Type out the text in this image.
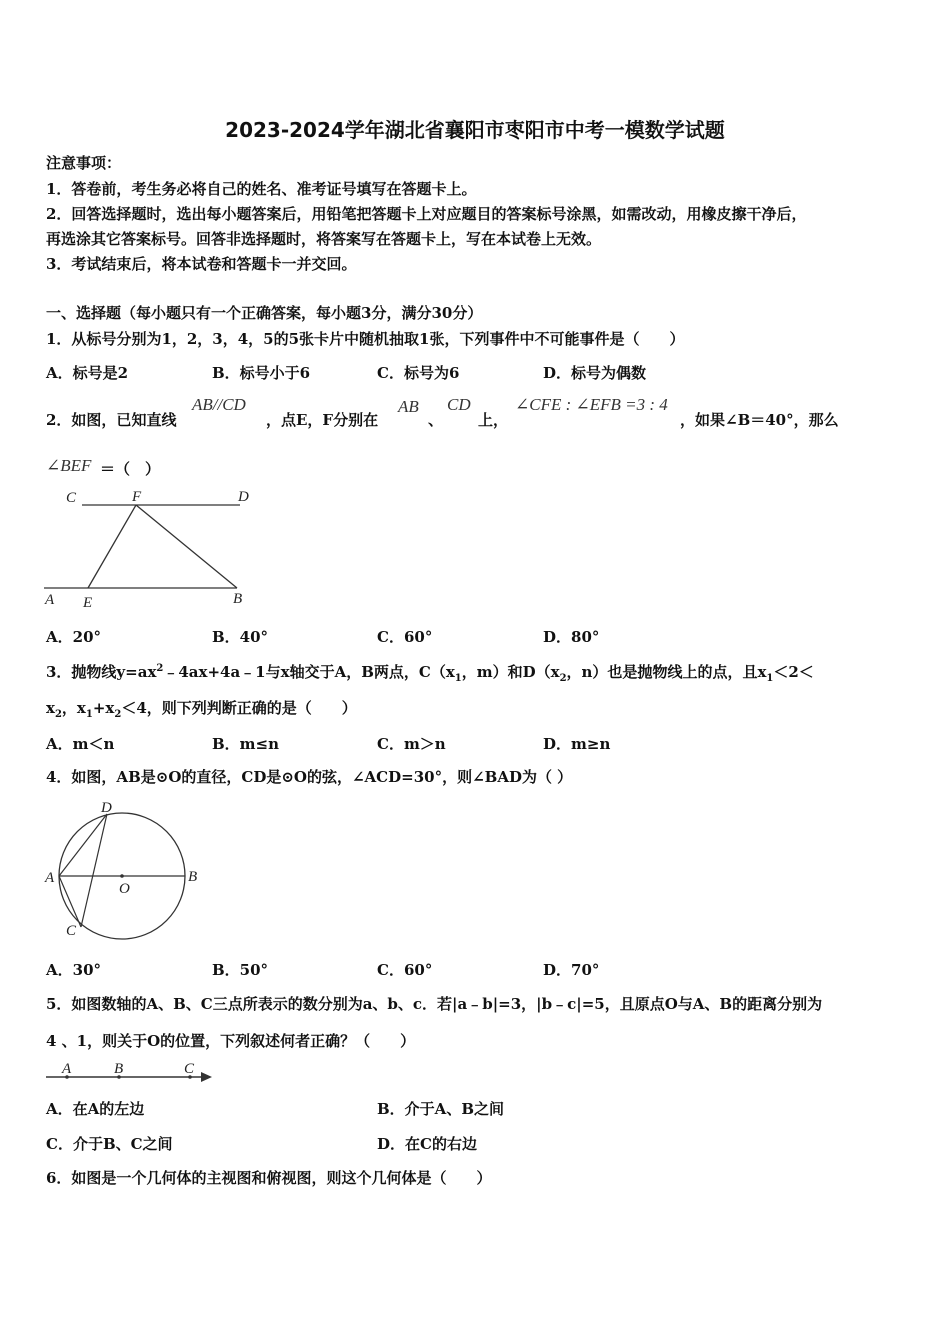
2023-2024学年湖北省襄阳市枣阳市中考一模数学试题
注意事项：
1．答卷前，考生务必将自己的姓名、准考证号填写在答题卡上。
2．回答选择题时，选出每小题答案后，用铅笔把答题卡上对应题目的答案标号涂黑，如需改动，用橡皮擦干净后，
再选涂其它答案标号。回答非选择题时，将答案写在答题卡上，写在本试卷上无效。
3．考试结束后，将本试卷和答题卡一并交回。
一、选择题（每小题只有一个正确答案，每小题3分，满分30分）
1．从标号分别为1，2，3，4，5的5张卡片中随机抽取1张，下列事件中不可能事件是（　　）
A．标号是2	B．标号小于6	C．标号为6	D．标号为偶数
2．如图，已知直线
AB//CD
，点E，F分别在
AB
、
CD
上，
∠CFE : ∠EFB =3 : 4
，如果∠B＝40°，那么
∠BEF ＝（　）
C	F	D
A E	B
A．20°	B．40°	C．60°	D．80°
3．抛物线$y=ax^2﹣4ax+4a﹣1$与x轴交于A，B两点，$C(x_1$，m）和$D(x_2$，n）也是抛物线上的点，且$x_1<2<$
$x_2$，$x_1+x_2<4$，则下列判断正确的是（　　）
A．m＜n	B．m≤n	C．m＞n	D．m≥n
4．如图，AB是⊙O的直径，CD是⊙O的弦，∠ACD=30°，则∠BAD为（ ）
A	B
C
D
O
A．30°	B．50°	C．60°	D．70°
5．如图数轴的A、B、C三点所表示的数分别为a、b、c．若|a﹣b|=3，|b﹣c|=5，且原点O与A、B的距离分别为
4 、1，则关于O的位置，下列叙述何者正确？（　　）
A	B	C
A．在A的左边	B．介于A、B之间
C．介于B、C之间	D．在C的右边
6．如图是一个几何体的主视图和俯视图，则这个几何体是（　　）
